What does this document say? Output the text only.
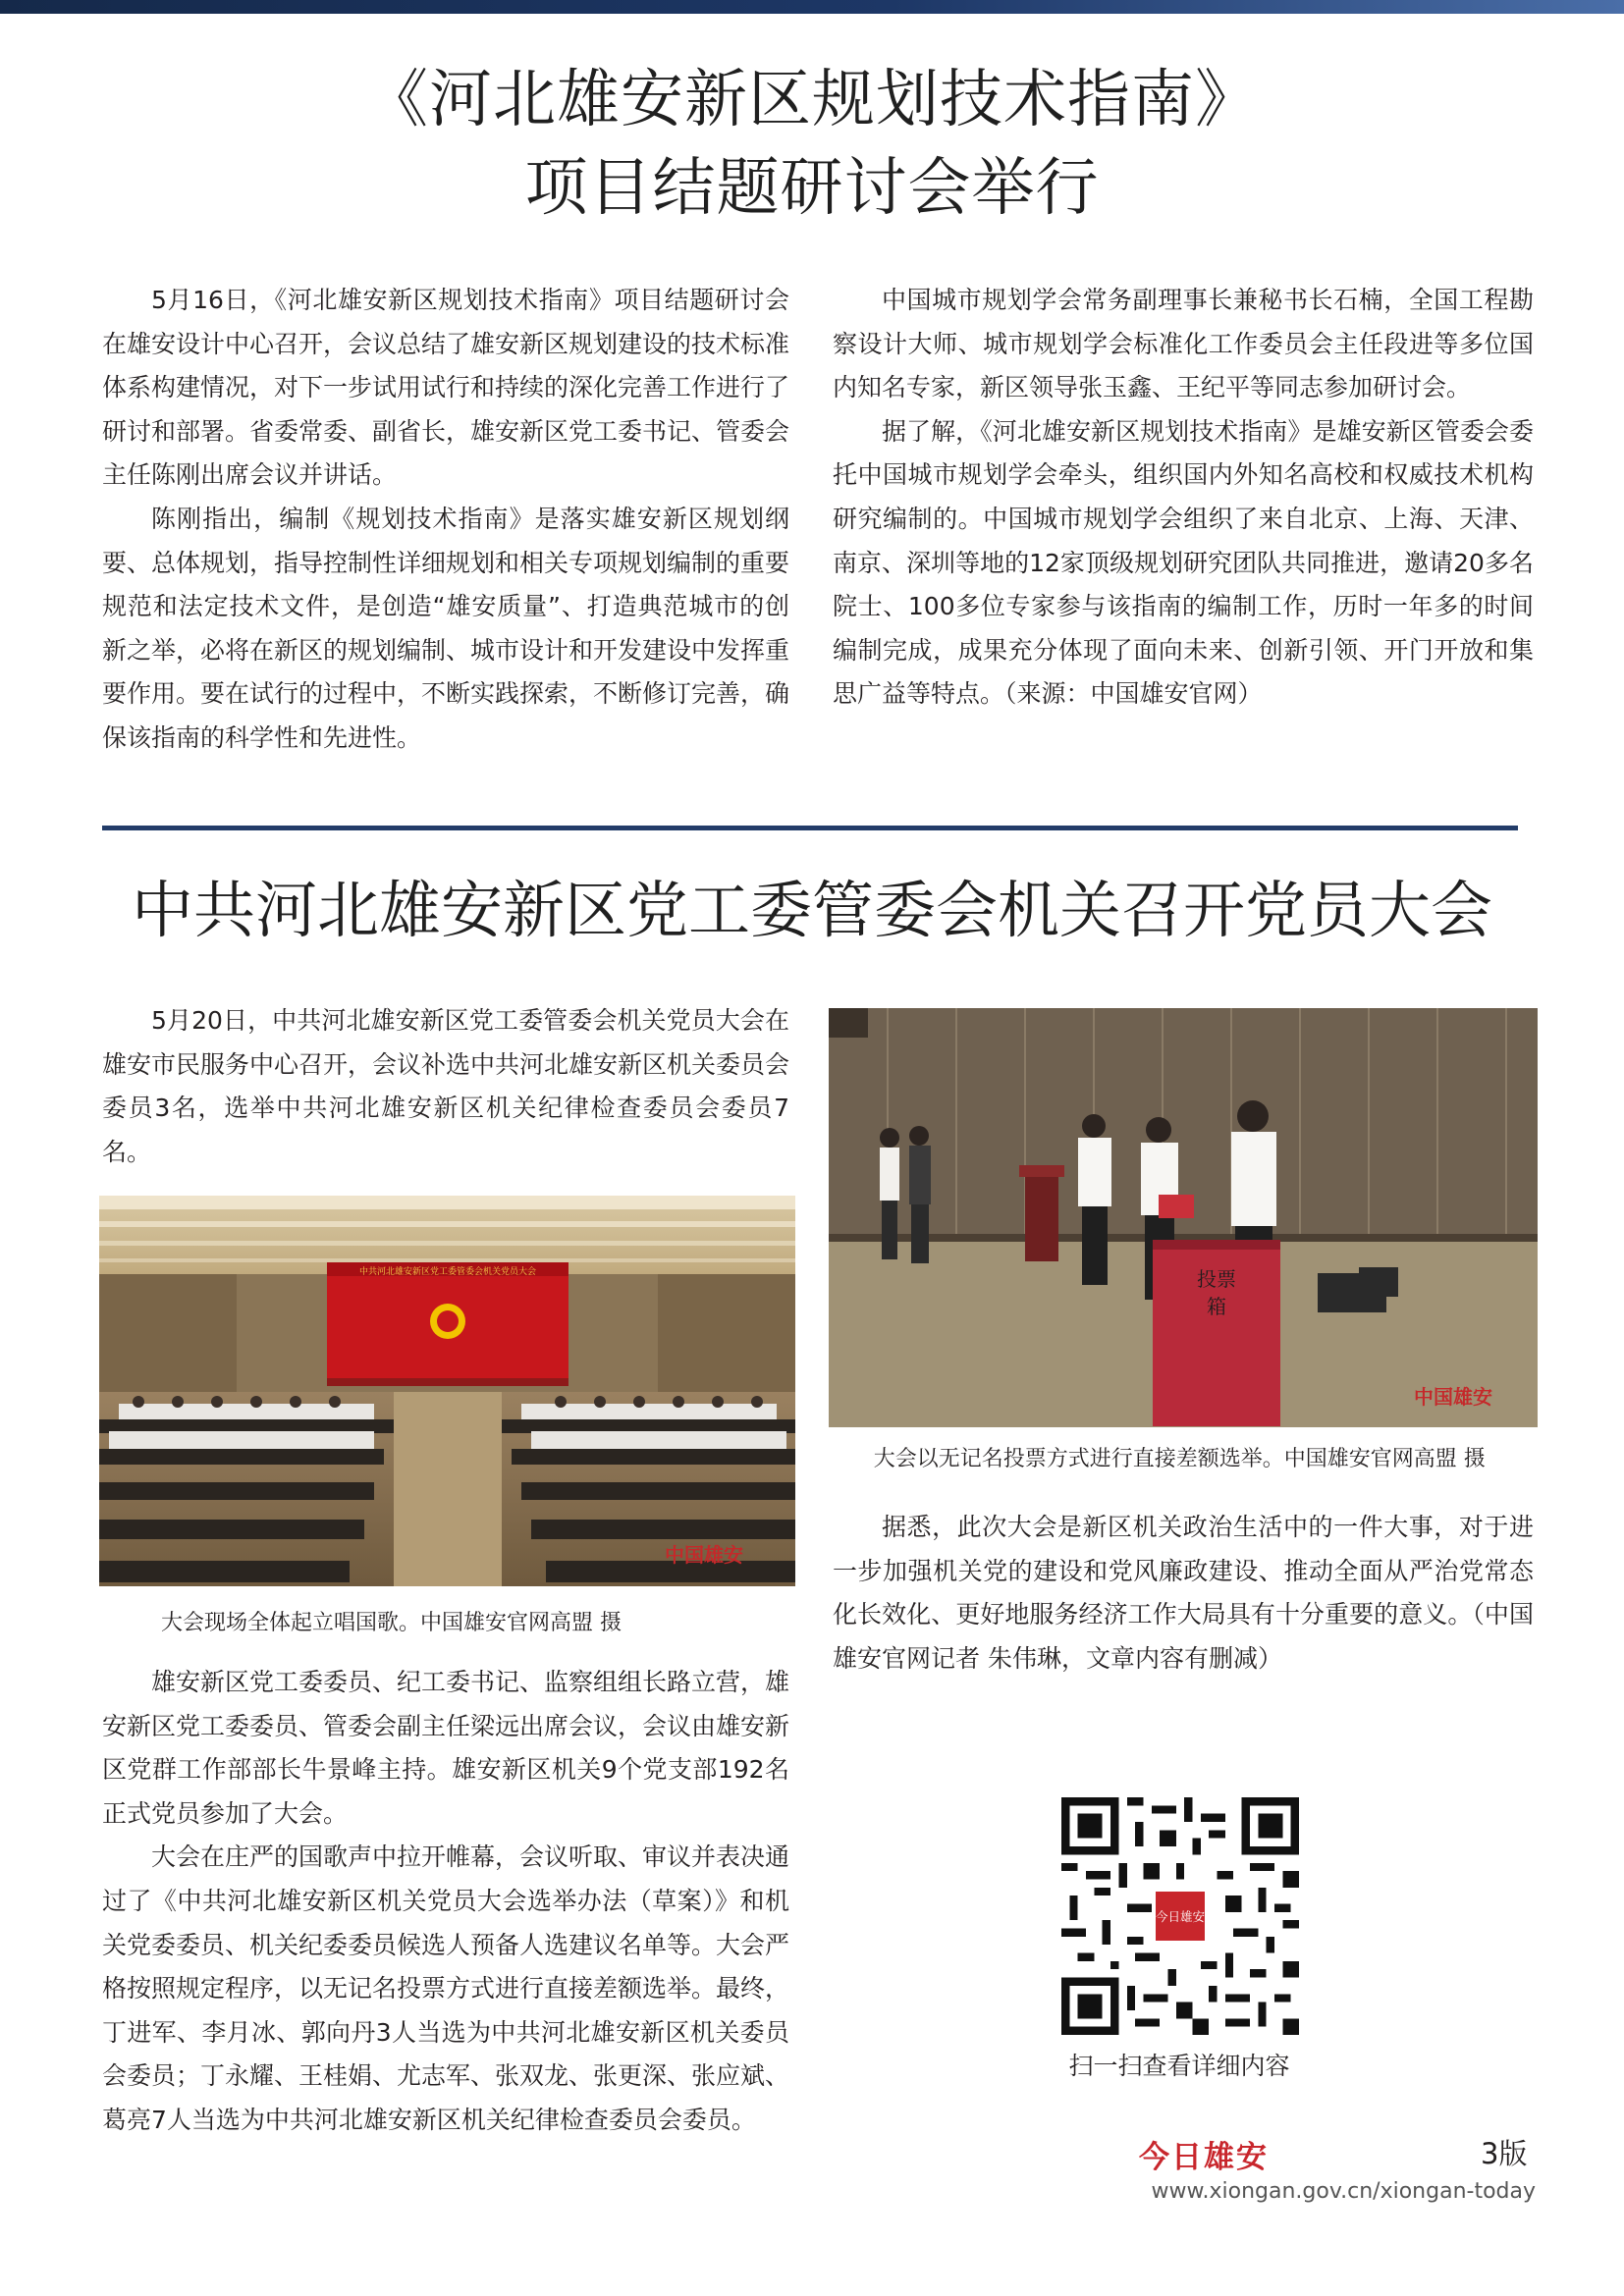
《河北雄安新区规划技术指南》
项目结题研讨会举行

5月16日，《河北雄安新区规划技术指南》项目结题研讨会在雄安设计中心召开，会议总结了雄安新区规划建设的技术标准体系构建情况，对下一步试用试行和持续的深化完善工作进行了研讨和部署。省委常委、副省长，雄安新区党工委书记、管委会主任陈刚出席会议并讲话。

陈刚指出，编制《规划技术指南》是落实雄安新区规划纲要、总体规划，指导控制性详细规划和相关专项规划编制的重要规范和法定技术文件，是创造“雄安质量”、打造典范城市的创新之举，必将在新区的规划编制、城市设计和开发建设中发挥重要作用。要在试行的过程中，不断实践探索，不断修订完善，确保该指南的科学性和先进性。

中国城市规划学会常务副理事长兼秘书长石楠，全国工程勘察设计大师、城市规划学会标准化工作委员会主任段进等多位国内知名专家，新区领导张玉鑫、王纪平等同志参加研讨会。

据了解，《河北雄安新区规划技术指南》是雄安新区管委会委托中国城市规划学会牵头，组织国内外知名高校和权威技术机构研究编制的。中国城市规划学会组织了来自北京、上海、天津、南京、深圳等地的12家顶级规划研究团队共同推进，邀请20多名院士、100多位专家参与该指南的编制工作，历时一年多的时间编制完成，成果充分体现了面向未来、创新引领、开门开放和集思广益等特点。（来源：中国雄安官网）

中共河北雄安新区党工委管委会机关召开党员大会

5月20日，中共河北雄安新区党工委管委会机关党员大会在雄安市民服务中心召开，会议补选中共河北雄安新区机关委员会委员3名，选举中共河北雄安新区机关纪律检查委员会委员7名。

中共河北雄安新区党工委管委会机关党员大会
中国雄安
大会现场全体起立唱国歌。中国雄安官网高盟 摄

雄安新区党工委委员、纪工委书记、监察组组长路立营，雄安新区党工委委员、管委会副主任梁远出席会议，会议由雄安新区党群工作部部长牛景峰主持。雄安新区机关9个党支部192名正式党员参加了大会。

大会在庄严的国歌声中拉开帷幕，会议听取、审议并表决通过了《中共河北雄安新区机关党员大会选举办法（草案）》和机关党委委员、机关纪委委员候选人预备人选建议名单等。大会严格按照规定程序，以无记名投票方式进行直接差额选举。最终，丁进军、李月冰、郭向丹3人当选为中共河北雄安新区机关委员会委员；丁永耀、王桂娟、尤志军、张双龙、张更深、张应斌、葛亮7人当选为中共河北雄安新区机关纪律检查委员会委员。

投票箱
中国雄安
大会以无记名投票方式进行直接差额选举。中国雄安官网高盟 摄

据悉，此次大会是新区机关政治生活中的一件大事，对于进一步加强机关党的建设和党风廉政建设、推动全面从严治党常态化长效化、更好地服务经济工作大局具有十分重要的意义。（中国雄安官网记者 朱伟琳，文章内容有删减）

今日雄安
扫一扫查看详细内容
今日雄安	3版
www.xiongan.gov.cn/xiongan-today
